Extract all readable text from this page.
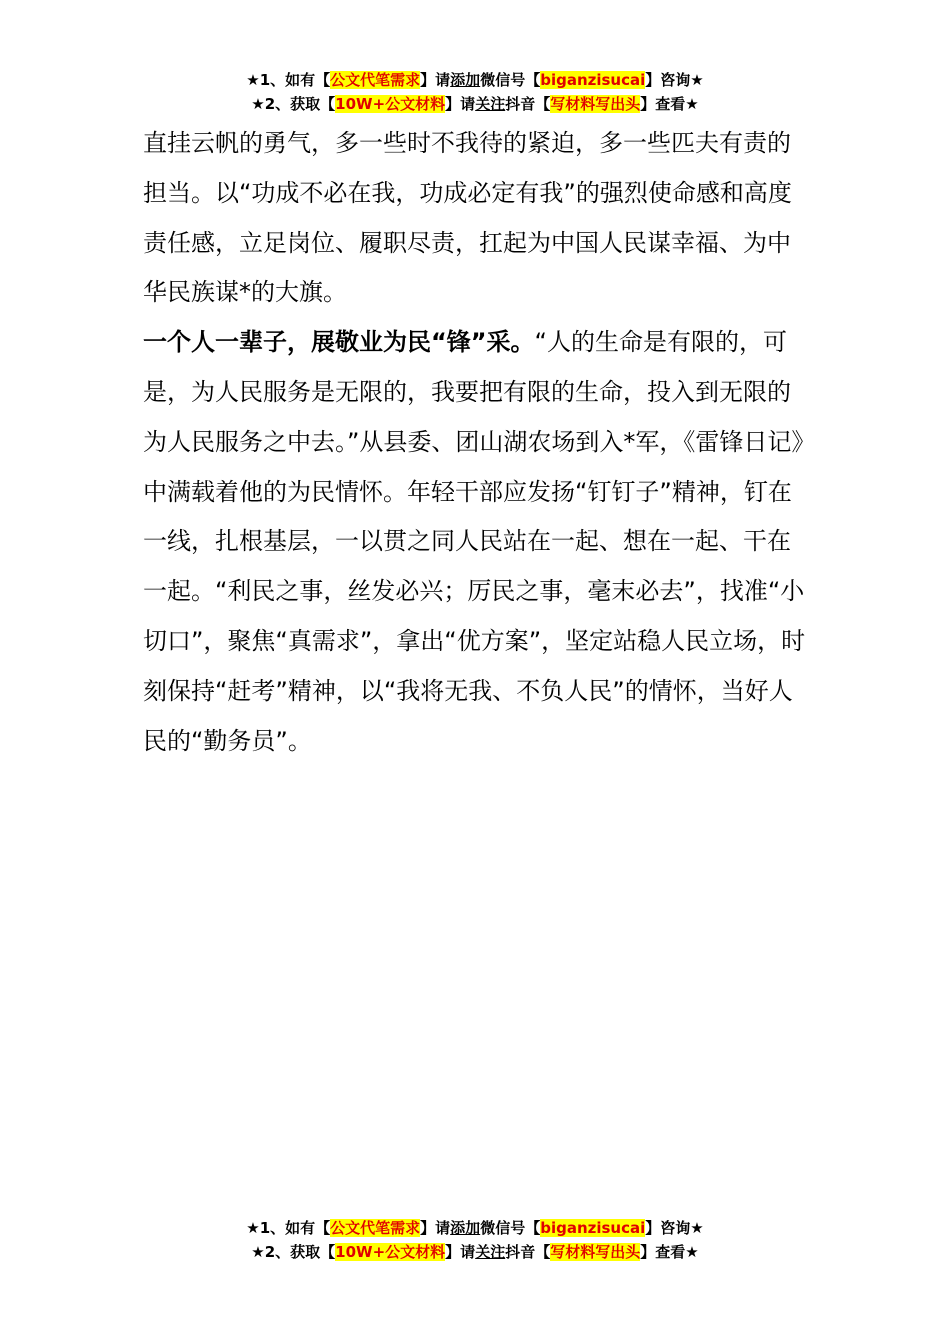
★1、如有【公文代笔需求】请添加微信号【biganzisucai】咨询★
★2、获取【10W+公文材料】请关注抖音【写材料写出头】查看★

直挂云帆的勇气，多一些时不我待的紧迫，多一些匹夫有责的担当。以“功成不必在我，功成必定有我”的强烈使命感和高度责任感，立足岗位、履职尽责，扛起为中国人民谋幸福、为中华民族谋*的大旗。

一个人一辈子，展敬业为民“锋”采。“人的生命是有限的，可是，为人民服务是无限的，我要把有限的生命，投入到无限的为人民服务之中去。”从县委、团山湖农场到入*军，《雷锋日记》中满载着他的为民情怀。年轻干部应发扬“钉钉子”精神，钉在一线，扎根基层，一以贯之同人民站在一起、想在一起、干在一起。“利民之事，丝发必兴；厉民之事，毫末必去”，找准“小切口”，聚焦“真需求”，拿出“优方案”，坚定站稳人民立场，时刻保持“赶考”精神，以“我将无我、不负人民”的情怀，当好人民的“勤务员”。

★1、如有【公文代笔需求】请添加微信号【biganzisucai】咨询★
★2、获取【10W+公文材料】请关注抖音【写材料写出头】查看★
